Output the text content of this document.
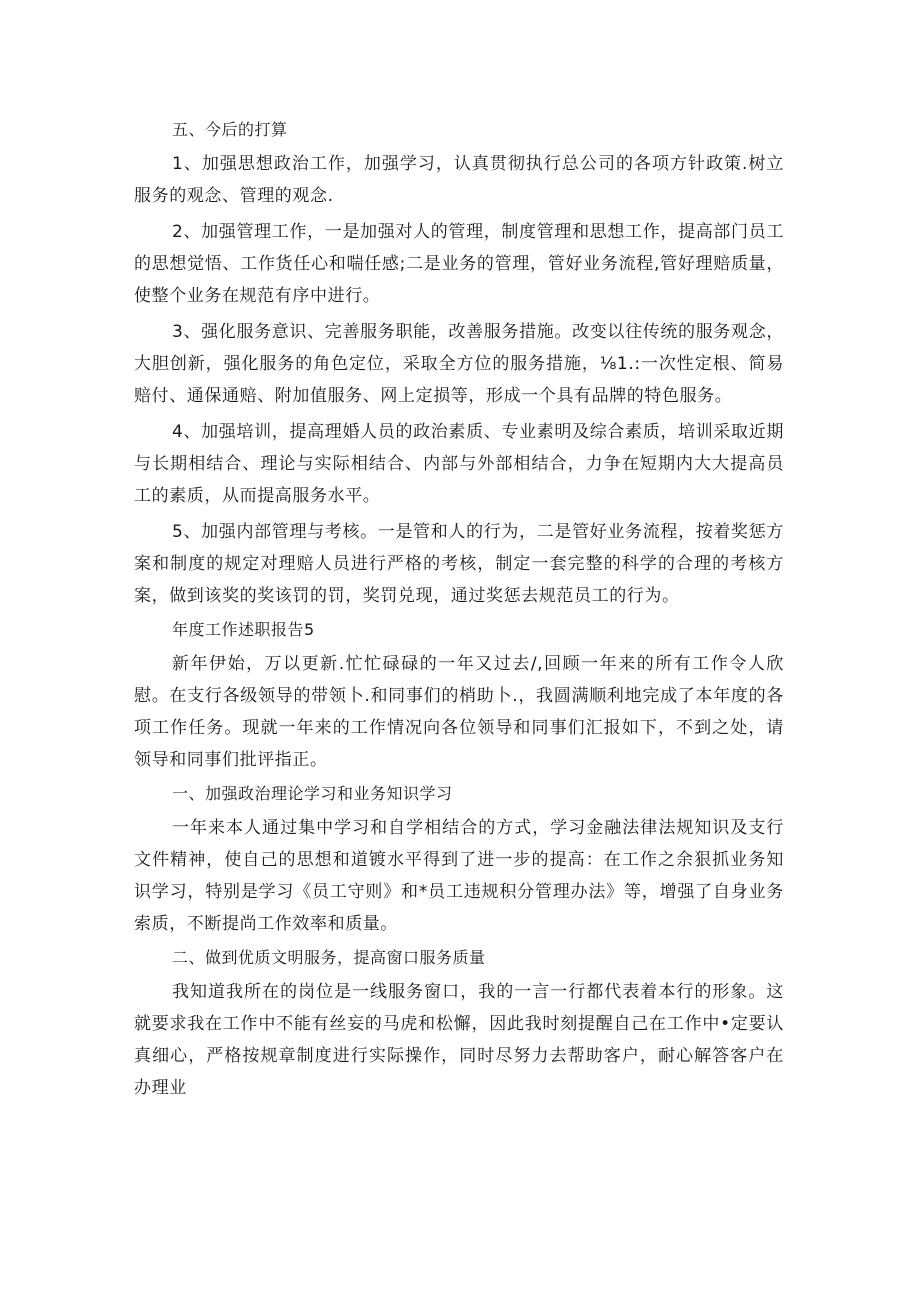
五、今后的打算

1、加强思想政治工作，加强学习，认真贯彻执行总公司的各项方针政策.树立服务的观念、管理的观念.

2、加强管理工作，一是加强对人的管理，制度管理和思想工作，提高部门员工的思想觉悟、工作货任心和喘任感;二是业务的管理，管好业务流程,管好理赔质量，使整个业务在规范有序中进行。

3、强化服务意识、完善服务职能，改善服务措施。改变以往传统的服务观念，大胆创新，强化服务的角色定位，采取全方位的服务措施，⅛1.:一次性定根、简易赔付、通保通赔、附加值服务、网上定损等，形成一个具有品牌的特色服务。

4、加强培训，提高理婚人员的政治素质、专业素明及综合素质，培训采取近期与长期相结合、理论与实际相结合、内部与外部相结合，力争在短期内大大提高员工的素质，从而提高服务水平。

5、加强内部管理与考核。一是管和人的行为，二是管好业务流程，按着奖惩方案和制度的规定对理赔人员进行严格的考核，制定一套完整的科学的合理的考核方案，做到该奖的奖该罚的罚，奖罚兑现，通过奖惩去规范员工的行为。

年度工作述职报告5

新年伊始，万以更新.忙忙碌碌的一年又过去/,回顾一年来的所有工作令人欣慰。在支行各级领导的带领卜.和同事们的梢助卜.，我圆满顺利地完成了本年度的各项工作任务。现就一年来的工作情况向各位领导和同事们汇报如下，不到之处，请领导和同事们批评指正。

一、加强政治理论学习和业务知识学习

一年来本人通过集中学习和自学相结合的方式，学习金融法律法规知识及支行文件精神，使自己的思想和道镀水平得到了进一步的提高：在工作之余狠抓业务知识学习，特别是学习《员工守则》和*员工违规积分管理办法》等，增强了自身业务索质，不断提尚工作效率和质量。

二、做到优质文明服务，提高窗口服务质量

我知道我所在的岗位是一线服务窗口，我的一言一行都代表着本行的形象。这就要求我在工作中不能有丝妄的马虎和松懈，因此我时刻提醒自己在工作中•定要认真细心，严格按规章制度进行实际操作，同时尽努力去帮助客户，耐心解答客户在办理业
